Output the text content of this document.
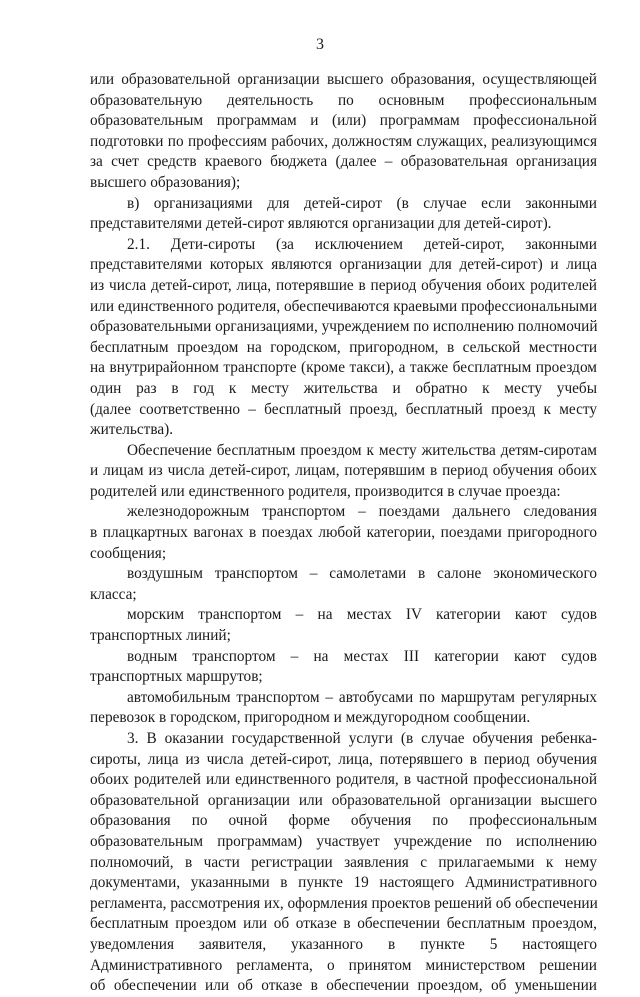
3
или образовательной организации высшего образования, осуществляющей
образовательную деятельность по основным профессиональным
образовательным программам и (или) программам профессиональной
подготовки по профессиям рабочих, должностям служащих, реализующимся
за счет средств краевого бюджета (далее – образовательная организация
высшего образования);
в) организациями для детей-сирот (в случае если законными
представителями детей-сирот являются организации для детей-сирот).
2.1. Дети-сироты (за исключением детей-сирот, законными
представителями которых являются организации для детей-сирот) и лица
из числа детей-сирот, лица, потерявшие в период обучения обоих родителей
или единственного родителя, обеспечиваются краевыми профессиональными
образовательными организациями, учреждением по исполнению полномочий
бесплатным проездом на городском, пригородном, в сельской местности
на внутрирайонном транспорте (кроме такси), а также бесплатным проездом
один раз в год к месту жительства и обратно к месту учебы
(далее соответственно – бесплатный проезд, бесплатный проезд к месту
жительства).
Обеспечение бесплатным проездом к месту жительства детям-сиротам
и лицам из числа детей-сирот, лицам, потерявшим в период обучения обоих
родителей или единственного родителя, производится в случае проезда:
железнодорожным транспортом – поездами дальнего следования
в плацкартных вагонах в поездах любой категории, поездами пригородного
сообщения;
воздушным транспортом – самолетами в салоне экономического
класса;
морским транспортом – на местах IV категории кают судов
транспортных линий;
водным транспортом – на местах III категории кают судов
транспортных маршрутов;
автомобильным транспортом – автобусами по маршрутам регулярных
перевозок в городском, пригородном и междугородном сообщении.
3. В оказании государственной услуги (в случае обучения ребенка-
сироты, лица из числа детей-сирот, лица, потерявшего в период обучения
обоих родителей или единственного родителя, в частной профессиональной
образовательной организации или образовательной организации высшего
образования по очной форме обучения по профессиональным
образовательным программам) участвует учреждение по исполнению
полномочий, в части регистрации заявления с прилагаемыми к нему
документами, указанными в пункте 19 настоящего Административного
регламента, рассмотрения их, оформления проектов решений об обеспечении
бесплатным проездом или об отказе в обеспечении бесплатным проездом,
уведомления заявителя, указанного в пункте 5 настоящего
Административного регламента, о принятом министерством решении
об обеспечении или об отказе в обеспечении проездом, об уменьшении
